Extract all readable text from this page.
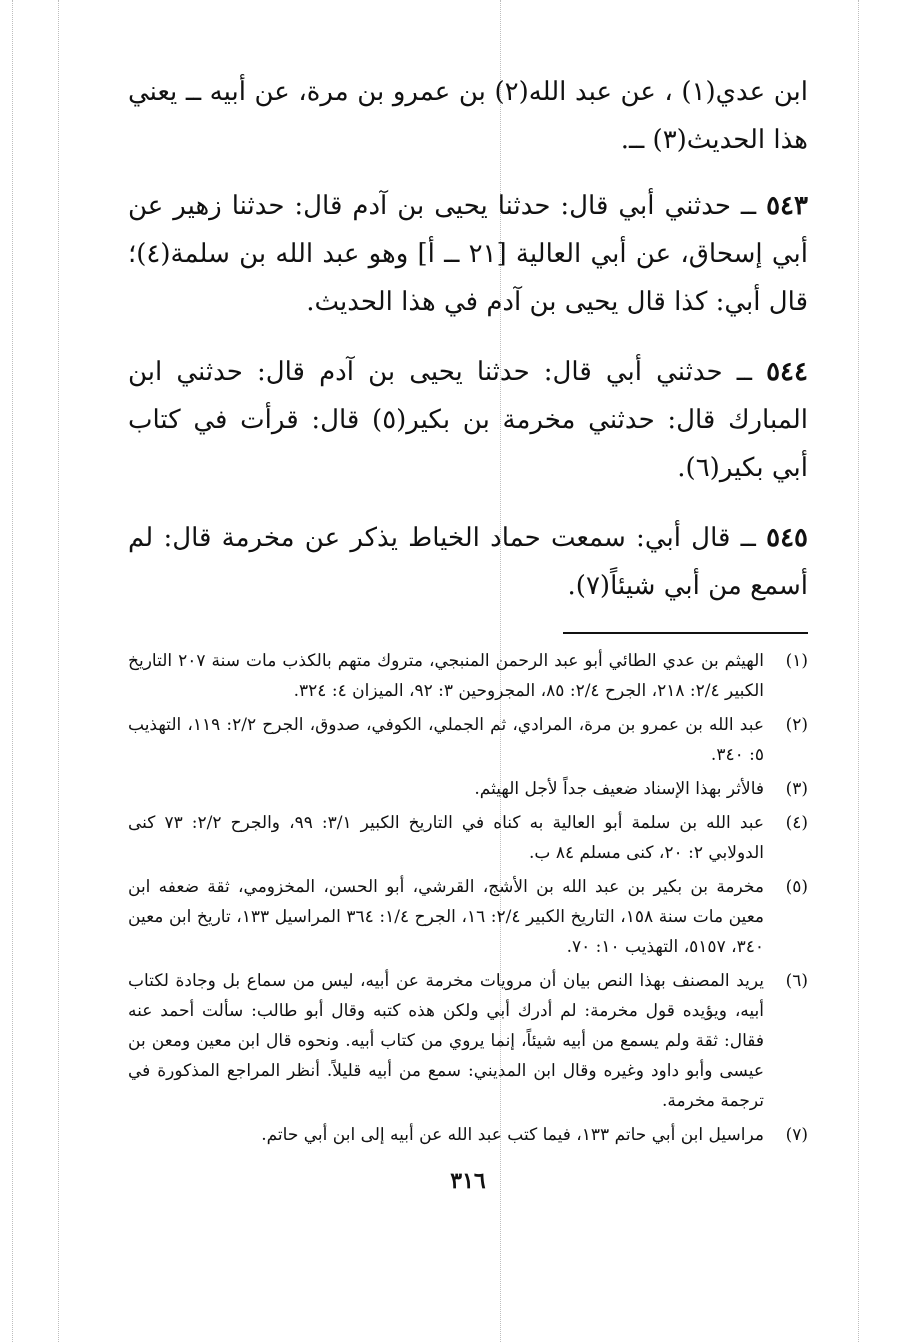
ابن عدي(١) ، عن عبد الله(٢) بن عمرو بن مرة، عن أبيه ــ يعني هذا الحديث(٣) ــ.

٥٤٣ ــ حدثني أبي قال: حدثنا يحيى بن آدم قال: حدثنا زهير عن أبي إسحاق، عن أبي العالية [٢١ ــ أ] وهو عبد الله بن سلمة(٤)؛ قال أبي: كذا قال يحيى بن آدم في هذا الحديث.

٥٤٤ ــ حدثني أبي قال: حدثنا يحيى بن آدم قال: حدثني ابن المبارك قال: حدثني مخرمة بن بكير(٥) قال: قرأت في كتاب أبي بكير(٦).

٥٤٥ ــ قال أبي: سمعت حماد الخياط يذكر عن مخرمة قال: لم أسمع من أبي شيئاً(٧).

(١)
الهيثم بن عدي الطائي أبو عبد الرحمن المنبجي، متروك متهم بالكذب مات سنة ٢٠٧ التاريخ الكبير ٢/٤: ٢١٨، الجرح ٢/٤: ٨٥، المجروحين ٣: ٩٢، الميزان ٤: ٣٢٤.
(٢)
عبد الله بن عمرو بن مرة، المرادي، ثم الجملي، الكوفي، صدوق، الجرح ٢/٢: ١١٩، التهذيب ٥: ٣٤٠.
(٣)
فالأثر بهذا الإسناد ضعيف جداً لأجل الهيثم.
(٤)
عبد الله بن سلمة أبو العالية به كناه في التاريخ الكبير ٣/١: ٩٩، والجرح ٢/٢: ٧٣ كنى الدولابي ٢: ٢٠، كنى مسلم ٨٤ ب.
(٥)
مخرمة بن بكير بن عبد الله بن الأشج، القرشي، أبو الحسن، المخزومي، ثقة ضعفه ابن معين مات سنة ١٥٨، التاريخ الكبير ٢/٤: ١٦، الجرح ١/٤: ٣٦٤ المراسيل ١٣٣، تاريخ ابن معين ٣٤٠، ٥١٥٧، التهذيب ١٠: ٧٠.
(٦)
يريد المصنف بهذا النص بيان أن مرويات مخرمة عن أبيه، ليس من سماع بل وجادة لكتاب أبيه، ويؤيده قول مخرمة: لم أدرك أبي ولكن هذه كتبه وقال أبو طالب: سألت أحمد عنه فقال: ثقة ولم يسمع من أبيه شيئاً، إنما يروي من كتاب أبيه. ونحوه قال ابن معين ومعن بن عيسى وأبو داود وغيره وقال ابن المديني: سمع من أبيه قليلاً. أنظر المراجع المذكورة في ترجمة مخرمة.
(٧)
مراسيل ابن أبي حاتم ١٣٣، فيما كتب عبد الله عن أبيه إلى ابن أبي حاتم.
٣١٦
